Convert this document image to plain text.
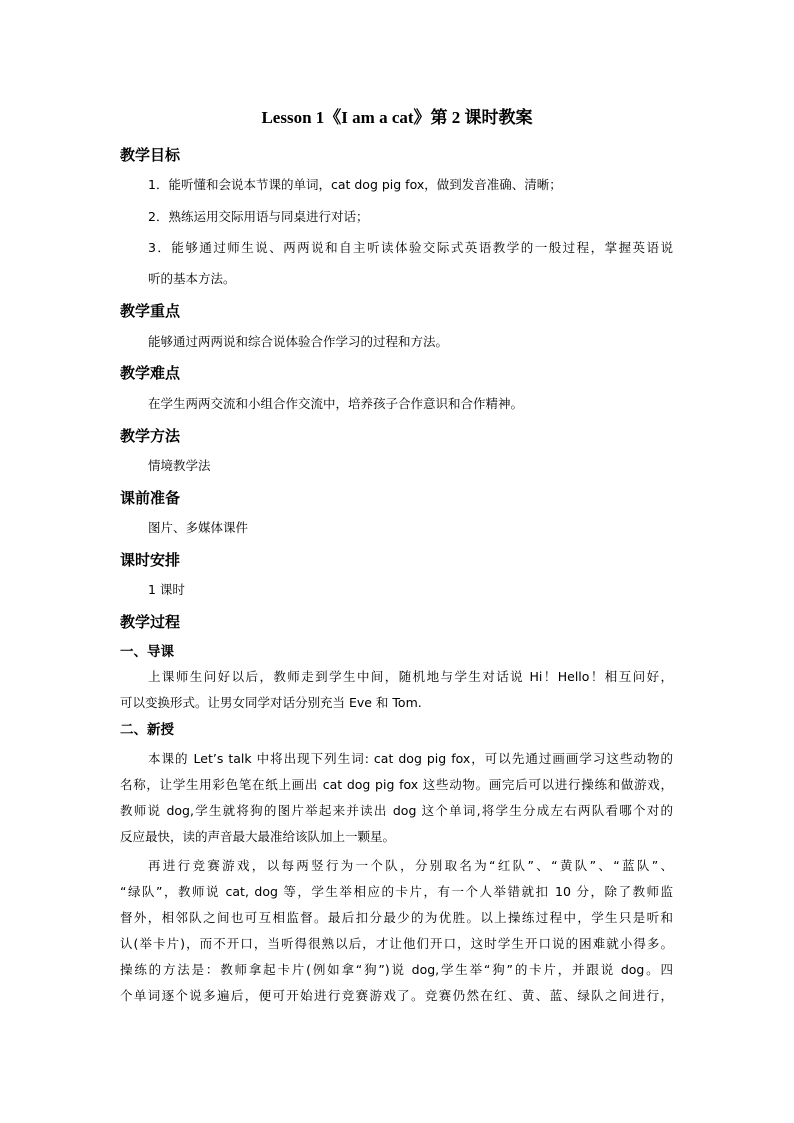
Lesson 1《I am a cat》第 2 课时教案
教学目标
1．能听懂和会说本节课的单词，cat dog pig fox，做到发音准确、清晰；
2．熟练运用交际用语与同桌进行对话；
3．能够通过师生说、两两说和自主听读体验交际式英语教学的一般过程，掌握英语说
听的基本方法。
教学重点
能够通过两两说和综合说体验合作学习的过程和方法。
教学难点
在学生两两交流和小组合作交流中，培养孩子合作意识和合作精神。
教学方法
情境教学法
课前准备
图片、多媒体课件
课时安排
1 课时
教学过程
一、导课
上课师生问好以后，教师走到学生中间，随机地与学生对话说 Hi！Hello！相互问好，
可以变换形式。让男女同学对话分别充当 Eve 和 Tom.
二、新授
本课的 Let’s talk 中将出现下列生词: cat dog pig fox，可以先通过画画学习这些动物的
名称，让学生用彩色笔在纸上画出 cat dog pig fox 这些动物。画完后可以进行操练和做游戏，
教师说 dog,学生就将狗的图片举起来并读出 dog 这个单词,将学生分成左右两队看哪个对的
反应最快，读的声音最大最准给该队加上一颗星。
再进行竞赛游戏，以每两竖行为一个队，分别取名为“红队”、“黄队”、“蓝队”、
“绿队”，教师说 cat, dog 等，学生举相应的卡片，有一个人举错就扣 10 分，除了教师监
督外，相邻队之间也可互相监督。最后扣分最少的为优胜。以上操练过程中，学生只是听和
认(举卡片)，而不开口，当听得很熟以后，才让他们开口，这时学生开口说的困难就小得多。
操练的方法是：教师拿起卡片(例如拿“狗”)说 dog,学生举“狗”的卡片，并跟说 dog。四
个单词逐个说多遍后，便可开始进行竞赛游戏了。竞赛仍然在红、黄、蓝、绿队之间进行，
